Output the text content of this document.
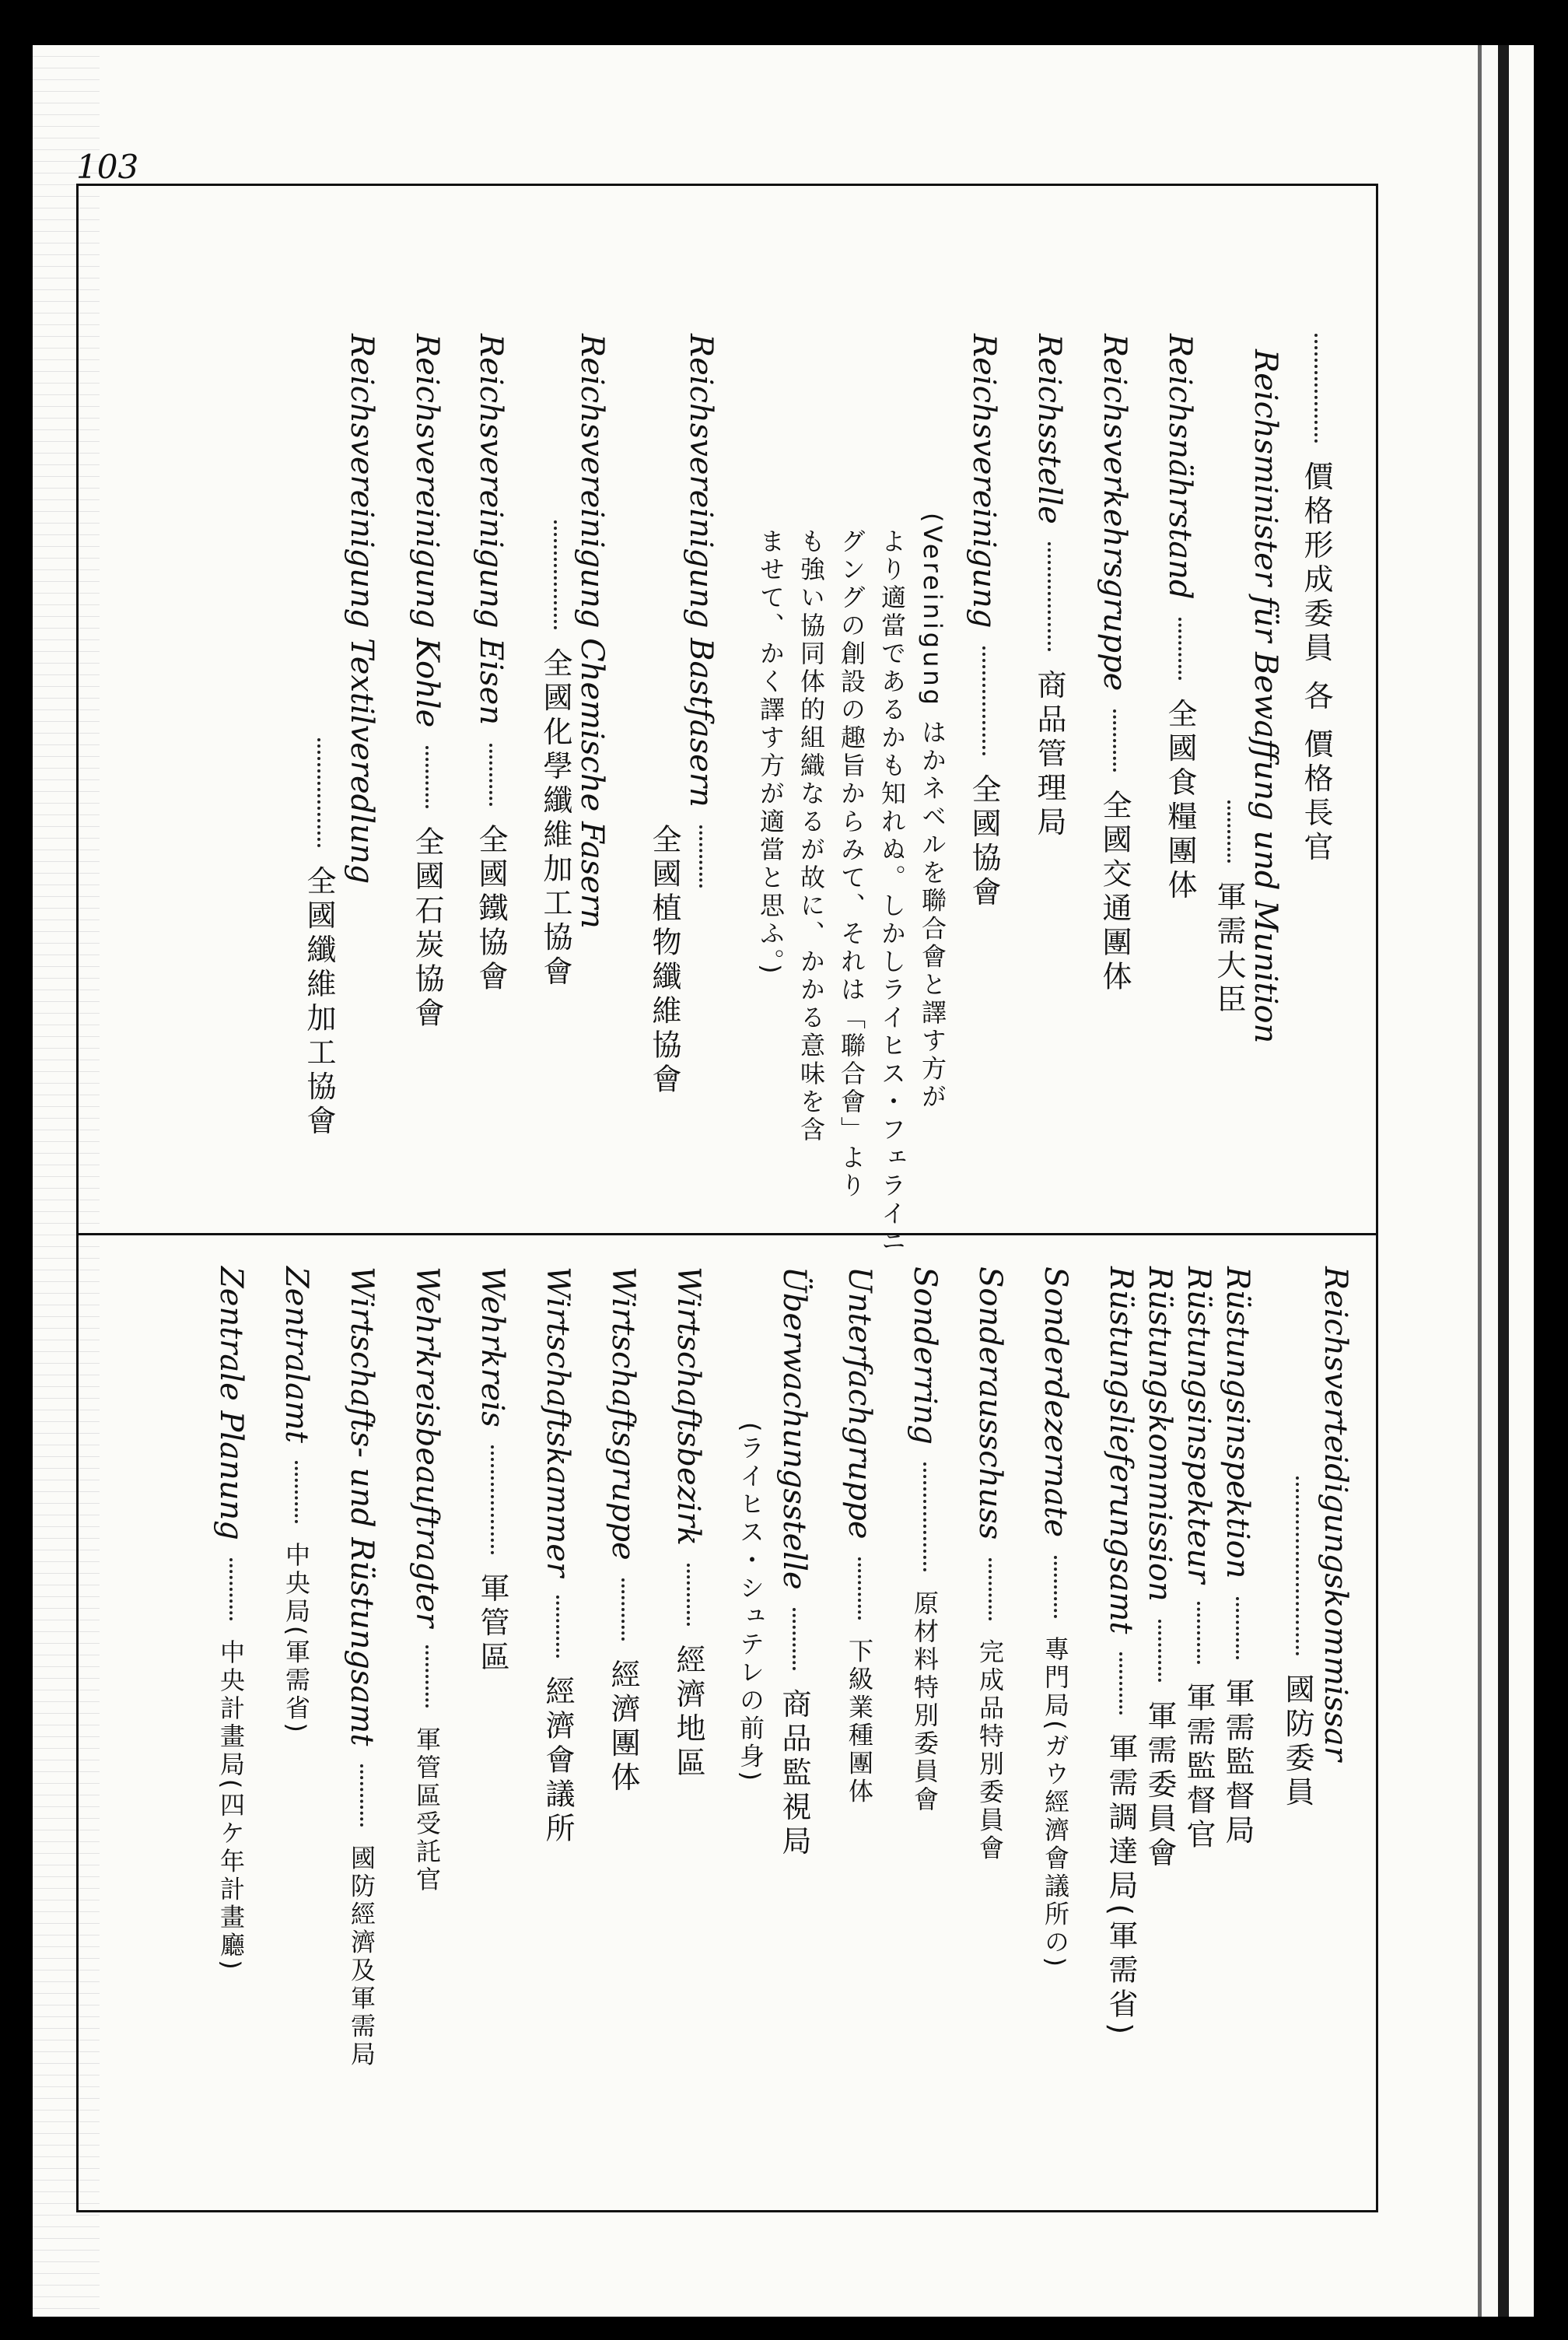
103
價格形成委員 各 價格長官
Reichsminister für Bewaffung und Munition
軍需大臣
Reichsnährstand  全國食糧團体
Reichsverkehrsgruppe  全國交通團体
Reichsstelle  商品管理局
Reichsvereinigung  全國協會
(Vereinigung はかネベルを聯合會と譯す方が
より適當であるかも知れぬ。しかしライヒス・フェライニ
グングの創設の趣旨からみて、それは「聯合會」より
も強い協同体的組織なるが故に、かかる意味を含
ませて、かく譯す方が適當と思ふ。)
Reichsvereinigung Bastfasern
全國植物纖維協會
Reichsvereinigung Chemische Fasern
全國化學纖維加工協會
Reichsvereinigung Eisen  全國鐵協會
Reichsvereinigung Kohle  全國石炭協會
Reichsvereinigung Textilveredlung
全國纖維加工協會
Reichsverteidigungskommissar
國防委員
Rüstungsinspektion  軍需監督局
Rüstungsinspekteur  軍需監督官
Rüstungskommission  軍需委員會
Rüstungslieferungsamt  軍需調達局(軍需省)
Sonderdezernate  專門局(ガウ經濟會議所の)
Sonderausschuss  完成品特別委員會
Sonderring  原材料特別委員會
Unterfachgruppe  下級業種團体
Überwachungsstelle  商品監視局
(ライヒス・シュテレの前身)
Wirtschaftsbezirk  經濟地區
Wirtschaftsgruppe  經濟團体
Wirtschaftskammer  經濟會議所
Wehrkreis  軍管區
Wehrkreisbeauftragter  軍管區受託官
Wirtschafts- und Rüstungsamt  國防經濟及軍需局
Zentralamt  中央局(軍需省)
Zentrale Planung  中央計畫局(四ケ年計畫廳)
